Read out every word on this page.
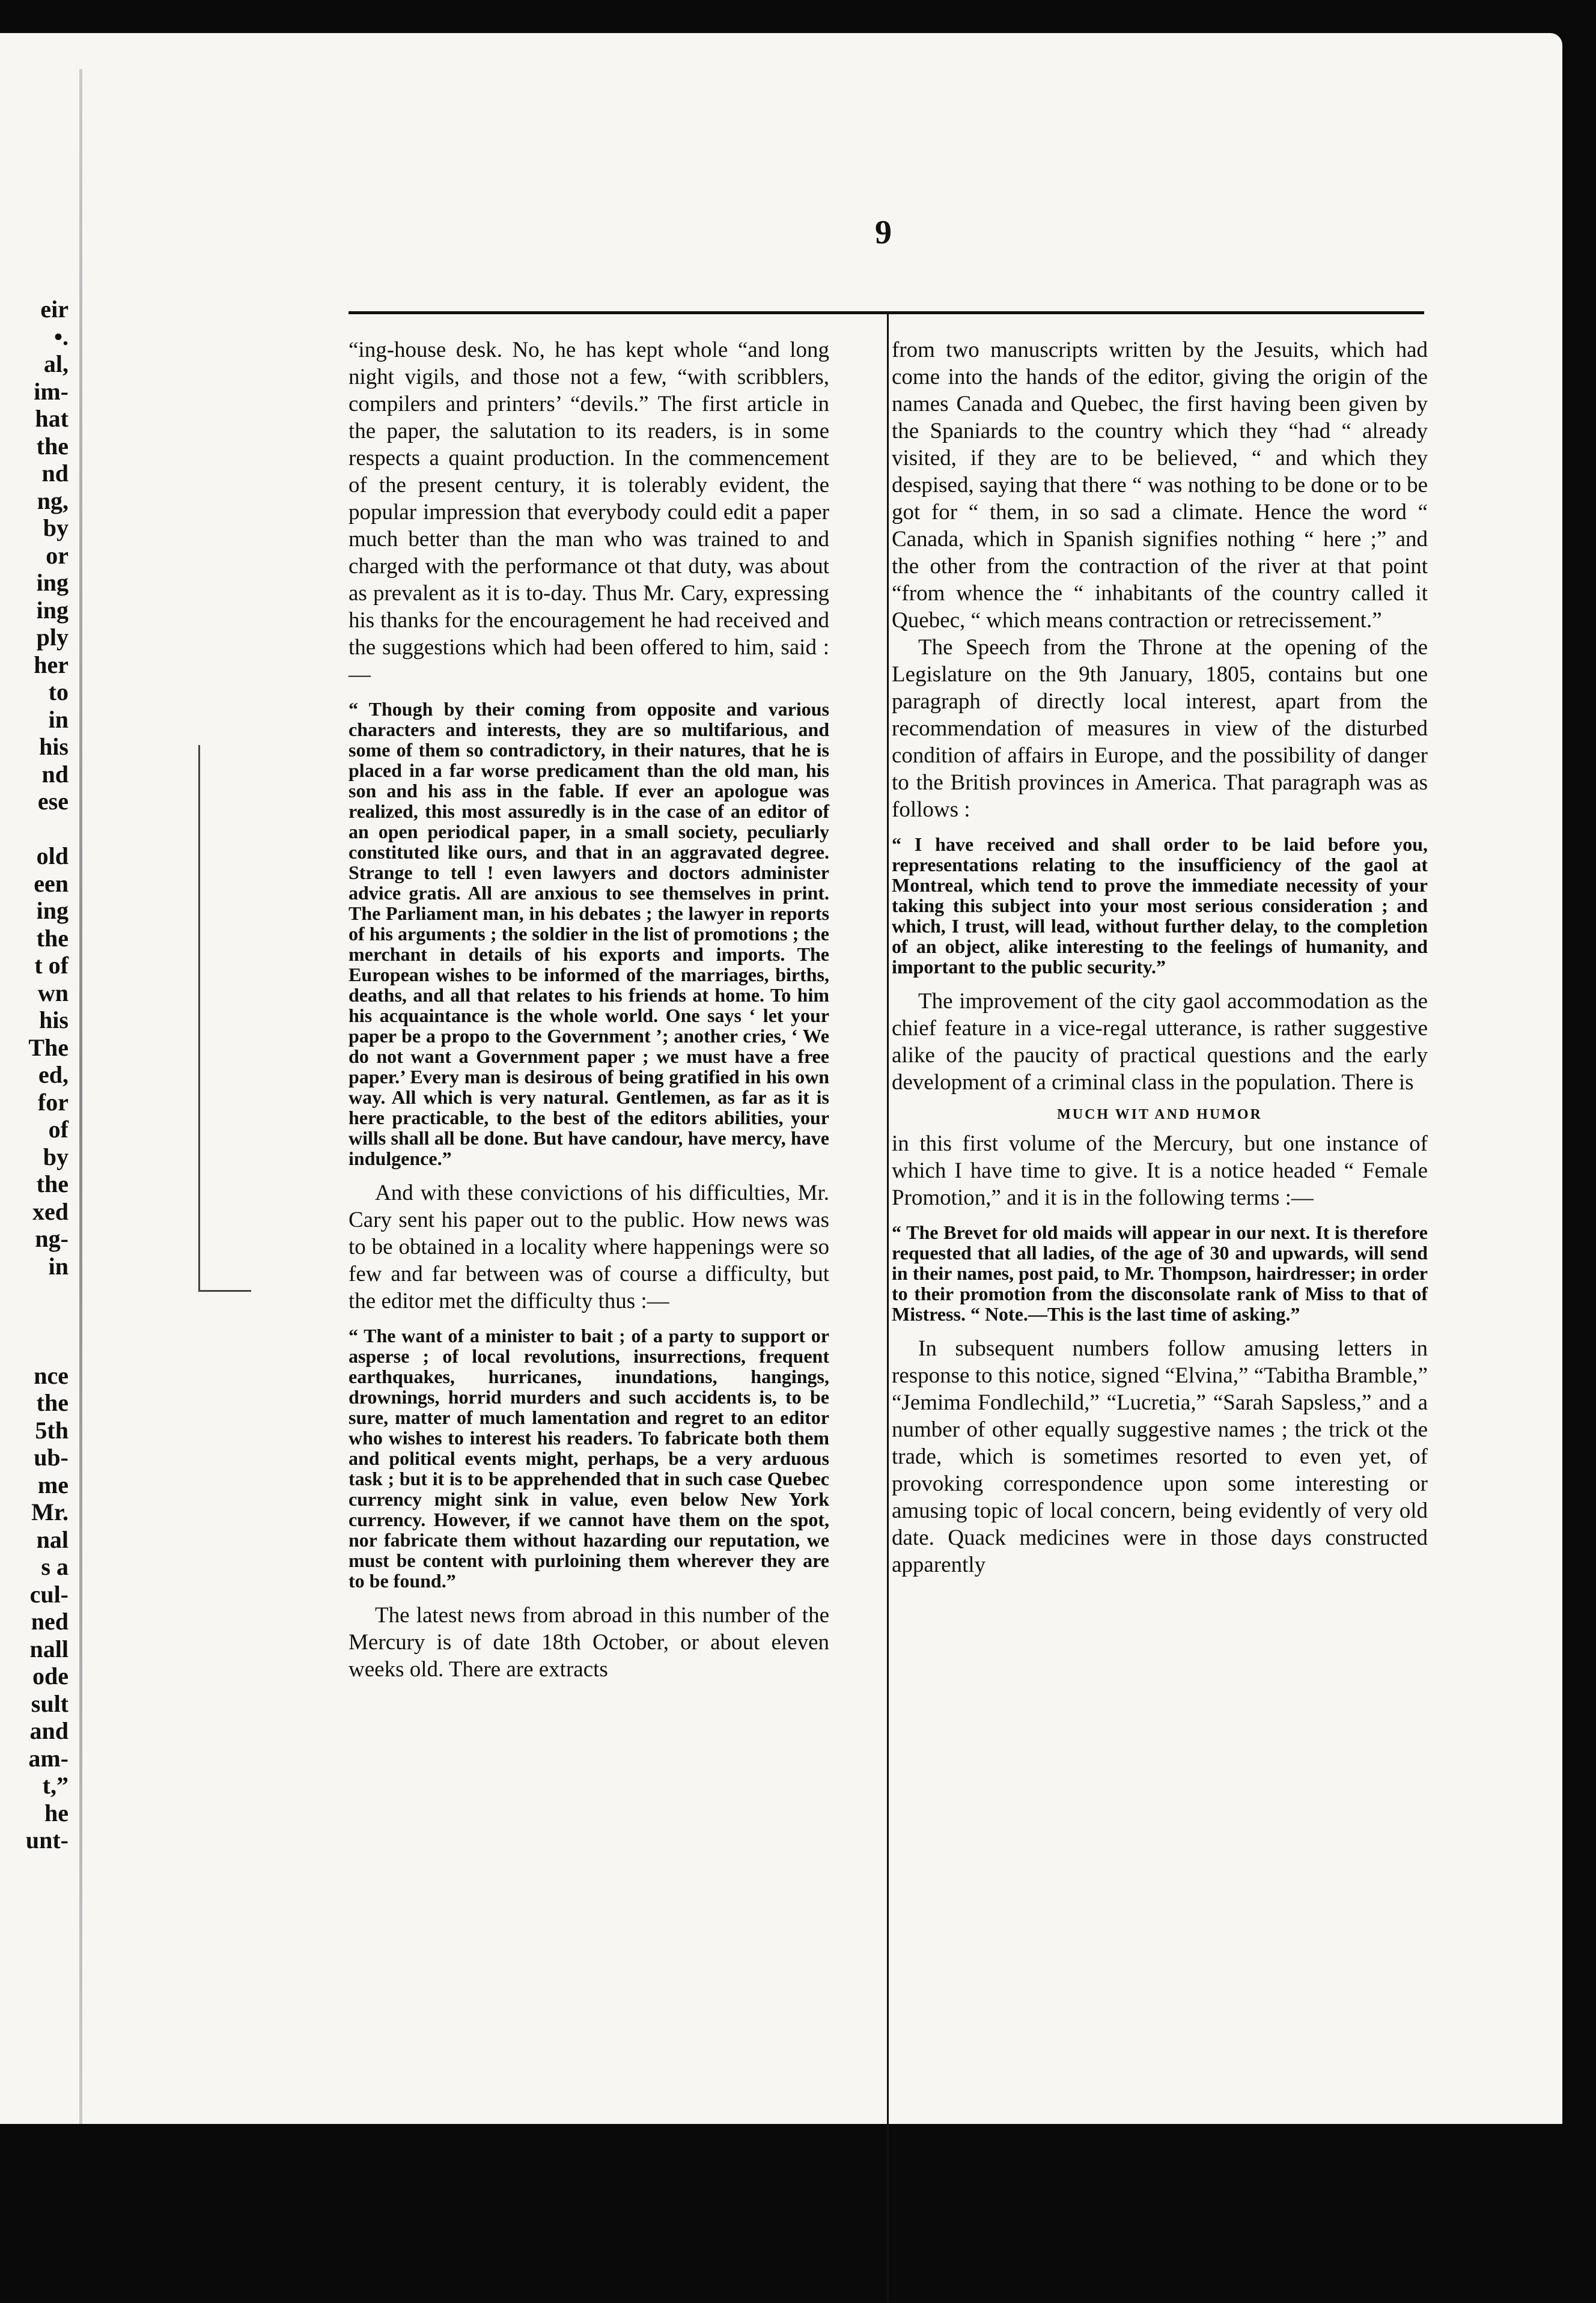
eir
•.
al,
im-
hat
the
nd
ng,
by
or
ing
ing
ply
her
to
in
his
nd
ese
old
een
ing
the
t of
wn
his
The
ed,
for
of
by
the
xed
ng-
in
nce
the
5th
ub-
me
Mr.
nal
s a
cul-
ned
nall
ode
sult
and
am-
t,”
he
unt-
9

“ing-house desk. No, he has kept whole “and long night vigils, and those not a few, “with scribblers, compilers and printers’ “devils.” The first article in the paper, the salutation to its readers, is in some respects a quaint production. In the commencement of the present century, it is tolerably evident, the popular impression that everybody could edit a paper much better than the man who was trained to and charged with the performance ot that duty, was about as prevalent as it is to-day. Thus Mr. Cary, expressing his thanks for the encouragement he had received and the suggestions which had been offered to him, said :—

“ Though by their coming from opposite and various characters and interests, they are so multifarious, and some of them so contradictory, in their natures, that he is placed in a far worse predicament than the old man, his son and his ass in the fable. If ever an apologue was realized, this most assuredly is in the case of an editor of an open periodical paper, in a small society, peculiarly constituted like ours, and that in an aggravated degree. Strange to tell ! even lawyers and doctors administer advice gratis. All are anxious to see themselves in print. The Parliament man, in his debates ; the lawyer in reports of his arguments ; the soldier in the list of promotions ; the merchant in details of his exports and imports. The European wishes to be informed of the marriages, births, deaths, and all that relates to his friends at home. To him his acquaintance is the whole world. One says ‘ let your paper be a propo to the Government ’; another cries, ‘ We do not want a Government paper ; we must have a free paper.’ Every man is desirous of being gratified in his own way. All which is very natural. Gentlemen, as far as it is here practicable, to the best of the editors abilities, your wills shall all be done. But have candour, have mercy, have indulgence.”

And with these convictions of his difficulties, Mr. Cary sent his paper out to the public. How news was to be obtained in a locality where happenings were so few and far between was of course a difficulty, but the editor met the difficulty thus :—

“ The want of a minister to bait ; of a party to support or asperse ; of local revolutions, insurrections, frequent earthquakes, hurricanes, inundations, hangings, drownings, horrid murders and such accidents is, to be sure, matter of much lamentation and regret to an editor who wishes to interest his readers. To fabricate both them and political events might, perhaps, be a very arduous task ; but it is to be apprehended that in such case Quebec currency might sink in value, even below New York currency. However, if we cannot have them on the spot, nor fabricate them without hazarding our reputation, we must be content with purloining them wherever they are to be found.”

The latest news from abroad in this number of the Mercury is of date 18th October, or about eleven weeks old. There are extracts

from two manuscripts written by the Jesuits, which had come into the hands of the editor, giving the origin of the names Canada and Quebec, the first having been given by the Spaniards to the country which they “had “ already visited, if they are to be believed, “ and which they despised, saying that there “ was nothing to be done or to be got for “ them, in so sad a climate. Hence the word “ Canada, which in Spanish signifies nothing “ here ;” and the other from the contraction of the river at that point “from whence the “ inhabitants of the country called it Quebec, “ which means contraction or retrecissement.”

The Speech from the Throne at the opening of the Legislature on the 9th January, 1805, contains but one paragraph of directly local interest, apart from the recommendation of measures in view of the disturbed condition of affairs in Europe, and the possibility of danger to the British provinces in America. That paragraph was as follows :

“ I have received and shall order to be laid before you, representations relating to the insufficiency of the gaol at Montreal, which tend to prove the immediate necessity of your taking this subject into your most serious consideration ; and which, I trust, will lead, without further delay, to the completion of an object, alike interesting to the feelings of humanity, and important to the public security.”

The improvement of the city gaol accommodation as the chief feature in a vice-regal utterance, is rather suggestive alike of the paucity of practical questions and the early development of a criminal class in the population. There is

MUCH WIT AND HUMOR

in this first volume of the Mercury, but one instance of which I have time to give. It is a notice headed “ Female Promotion,” and it is in the following terms :—

“ The Brevet for old maids will appear in our next. It is therefore requested that all ladies, of the age of 30 and upwards, will send in their names, post paid, to Mr. Thompson, hairdresser; in order to their promotion from the disconsolate rank of Miss to that of Mistress. “ Note.—This is the last time of asking.”

In subsequent numbers follow amusing letters in response to this notice, signed “Elvina,” “Tabitha Bramble,” “Jemima Fondlechild,” “Lucretia,” “Sarah Sapsless,” and a number of other equally suggestive names ; the trick ot the trade, which is sometimes resorted to even yet, of provoking correspondence upon some interesting or amusing topic of local concern, being evidently of very old date. Quack medicines were in those days constructed apparently
